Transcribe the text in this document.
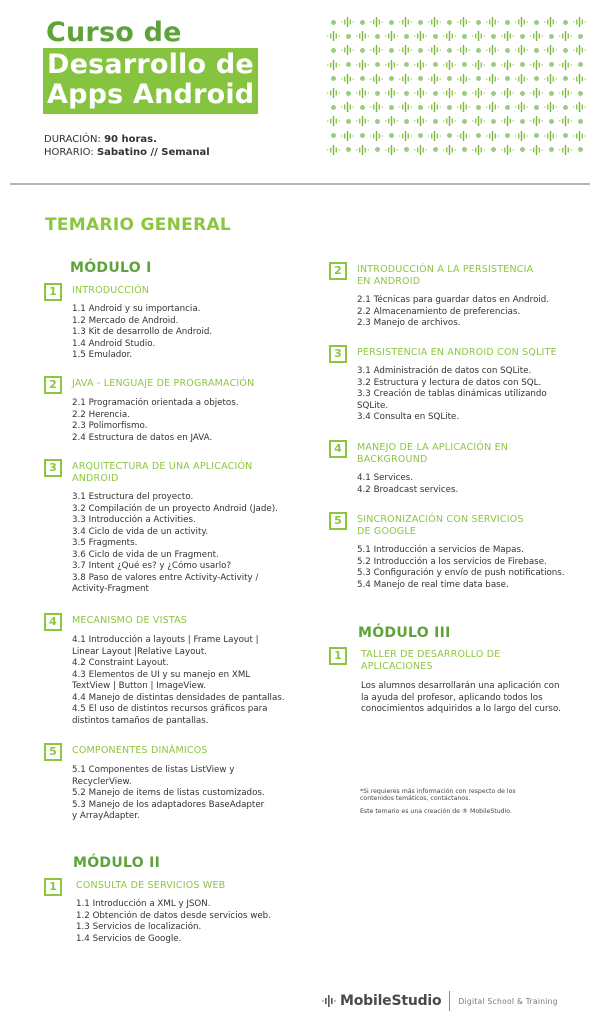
Curso de
Desarrollo de
Apps Android
DURACIÓN: 90 horas.
HORARIO: Sabatino // Semanal
TEMARIO GENERAL
MÓDULO I
1	INTRODUCCIÓN
1.1 Android y su importancia.
1.2 Mercado de Android.
1.3 Kit de desarrollo de Android.
1.4 Android Studio.
1.5 Emulador.
2	JAVA - LENGUAJE DE PROGRAMACIÓN
2.1 Programación orientada a objetos.
2.2 Herencia.
2.3 Polimorfismo.
2.4 Estructura de datos en JAVA.
3	ARQUITECTURA DE UNA APLICACIÓN
ANDROID
3.1 Estructura del proyecto.
3.2 Compilación de un proyecto Android (Jade).
3.3 Introducción a Activities.
3.4 Ciclo de vida de un activity.
3.5 Fragments.
3.6 Ciclo de vida de un Fragment.
3.7 Intent ¿Qué es? y ¿Cómo usarlo?
3.8 Paso de valores entre Activity-Activity /
Activity-Fragment
4	MECANISMO DE VISTAS
4.1 Introducción a layouts | Frame Layout |
Linear Layout |Relative Layout.
4.2 Constraint Layout.
4.3 Elementos de UI y su manejo en XML
TextView | Button | ImageView.
4.4 Manejo de distintas densidades de pantallas.
4.5 El uso de distintos recursos gráficos para
distintos tamaños de pantallas.
5	COMPONENTES DINÁMICOS
5.1 Componentes de listas ListView y
RecyclerView.
5.2 Manejo de items de listas customizados.
5.3 Manejo de los adaptadores BaseAdapter
y ArrayAdapter.
MÓDULO II
1	CONSULTA DE SERVICIOS WEB
1.1 Introducción a XML y JSON.
1.2 Obtención de datos desde servicios web.
1.3 Servicios de localización.
1.4 Servicios de Google.
2	INTRODUCCIÓN A LA PERSISTENCIA
EN ANDROID
2.1 Técnicas para guardar datos en Android.
2.2 Almacenamiento de preferencias.
2.3 Manejo de archivos.
3	PERSISTENCIA EN ANDROID CON SQLITE
3.1 Administración de datos con SQLite.
3.2 Estructura y lectura de datos con SQL.
3.3 Creación de tablas dinámicas utilizando
SQLite.
3.4 Consulta en SQLite.
4	MANEJO DE LA APLICACIÓN EN
BACKGROUND
4.1 Services.
4.2 Broadcast services.
5	SINCRONIZACIÓN CON SERVICIOS
DE GOOGLE
5.1 Introducción a servicios de Mapas.
5.2 Introducción a los servicios de Firebase.
5.3 Configuración y envío de push notifications.
5.4 Manejo de real time data base.
MÓDULO III
1	TALLER DE DESARROLLO DE
APLICACIONES
Los alumnos desarrollarán una aplicación con
la ayuda del profesor, aplicando todos los
conocimientos adquiridos a lo largo del curso.
*Si requieres más información con respecto de los
contenidos temáticos, contáctanos.
Este temario es una creación de ® MobileStudio.
MobileStudio Digital School & Training
